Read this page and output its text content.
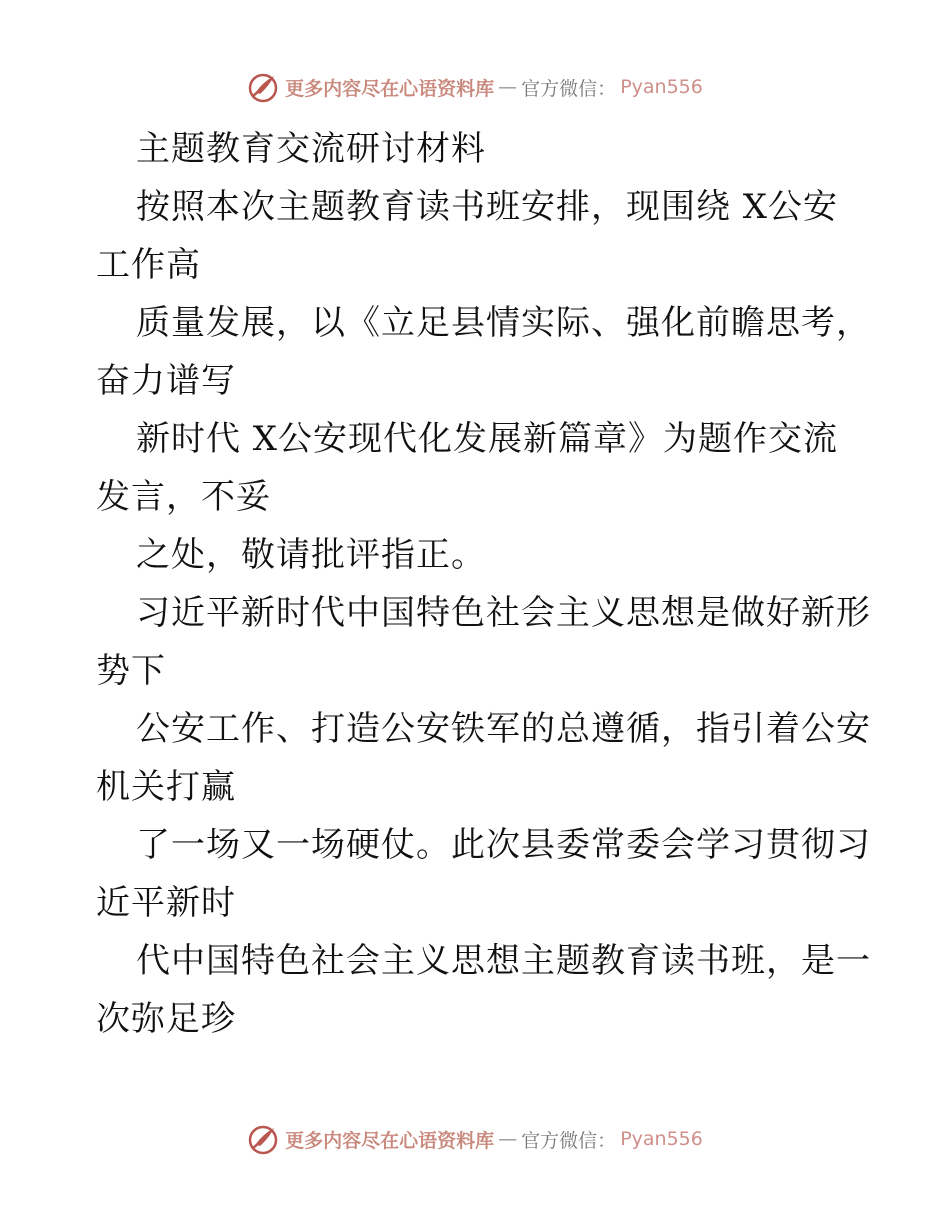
更多内容尽在心语资料库 — 官方微信： Pyan556
主题教育交流研讨材料
按照本次主题教育读书班安排，现围绕 X公安
工作高
质量发展，以《立足县情实际、强化前瞻思考，
奋力谱写
新时代 X公安现代化发展新篇章》为题作交流
发言，不妥
之处，敬请批评指正。
习近平新时代中国特色社会主义思想是做好新形
势下
公安工作、打造公安铁军的总遵循，指引着公安
机关打赢
了一场又一场硬仗。此次县委常委会学习贯彻习
近平新时
代中国特色社会主义思想主题教育读书班，是一
次弥足珍
更多内容尽在心语资料库 — 官方微信： Pyan556
